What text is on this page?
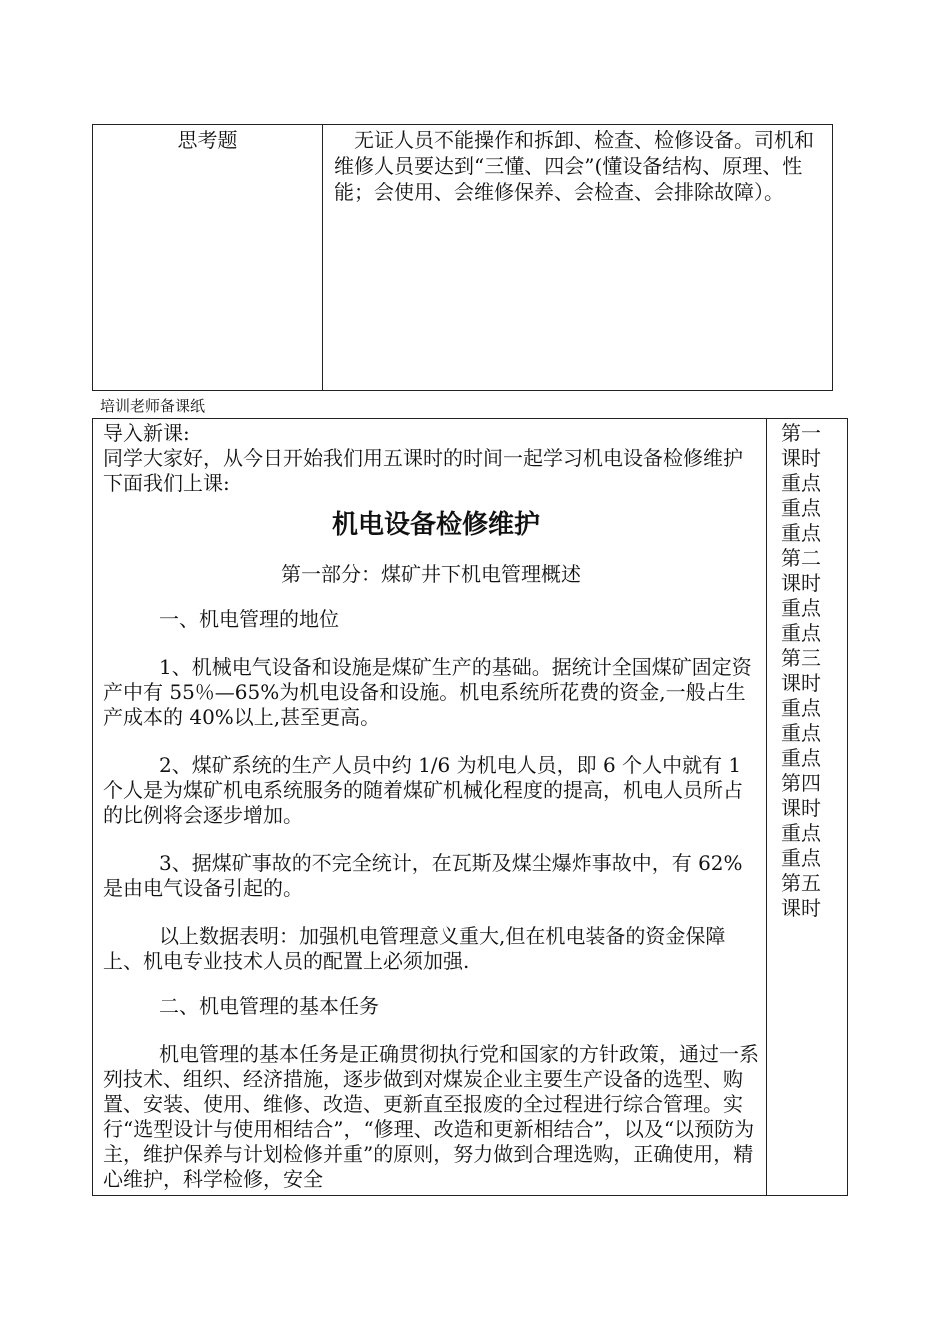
思考题	无证人员不能操作和拆卸、检查、检修设备。司机和维修人员要达到“三懂、四会”(懂设备结构、原理、性能；会使用、会维修保养、会检查、会排除故障）。
培训老师备课纸

导入新课:

同学大家好，从今日开始我们用五课时的时间一起学习机电设备检修维护下面我们上课:

机电设备检修维护

第一部分：煤矿井下机电管理概述

一、机电管理的地位

1、机械电气设备和设施是煤矿生产的基础。据统计全国煤矿固定资产中有 55％—65%为机电设备和设施。机电系统所花费的资金,一般占生产成本的 40%以上,甚至更高。

2、煤矿系统的生产人员中约 1/6 为机电人员，即 6 个人中就有 1 个人是为煤矿机电系统服务的随着煤矿机械化程度的提高，机电人员所占的比例将会逐步增加。

3、据煤矿事故的不完全统计，在瓦斯及煤尘爆炸事故中，有 62%是由电气设备引起的。

以上数据表明：加强机电管理意义重大,但在机电装备的资金保障上、机电专业技术人员的配置上必须加强.

二、机电管理的基本任务

机电管理的基本任务是正确贯彻执行党和国家的方针政策，通过一系列技术、组织、经济措施，逐步做到对煤炭企业主要生产设备的选型、购置、安装、使用、维修、改造、更新直至报废的全过程进行综合管理。实行“选型设计与使用相结合”，“修理、改造和更新相结合”，以及“以预防为主，维护保养与计划检修并重”的原则，努力做到合理选购，正确使用，精心维护，科学检修，安全

第一
课时
重点
重点
重点
第二
课时
重点
重点
第三
课时
重点
重点
重点
第四
课时
重点
重点
第五
课时
